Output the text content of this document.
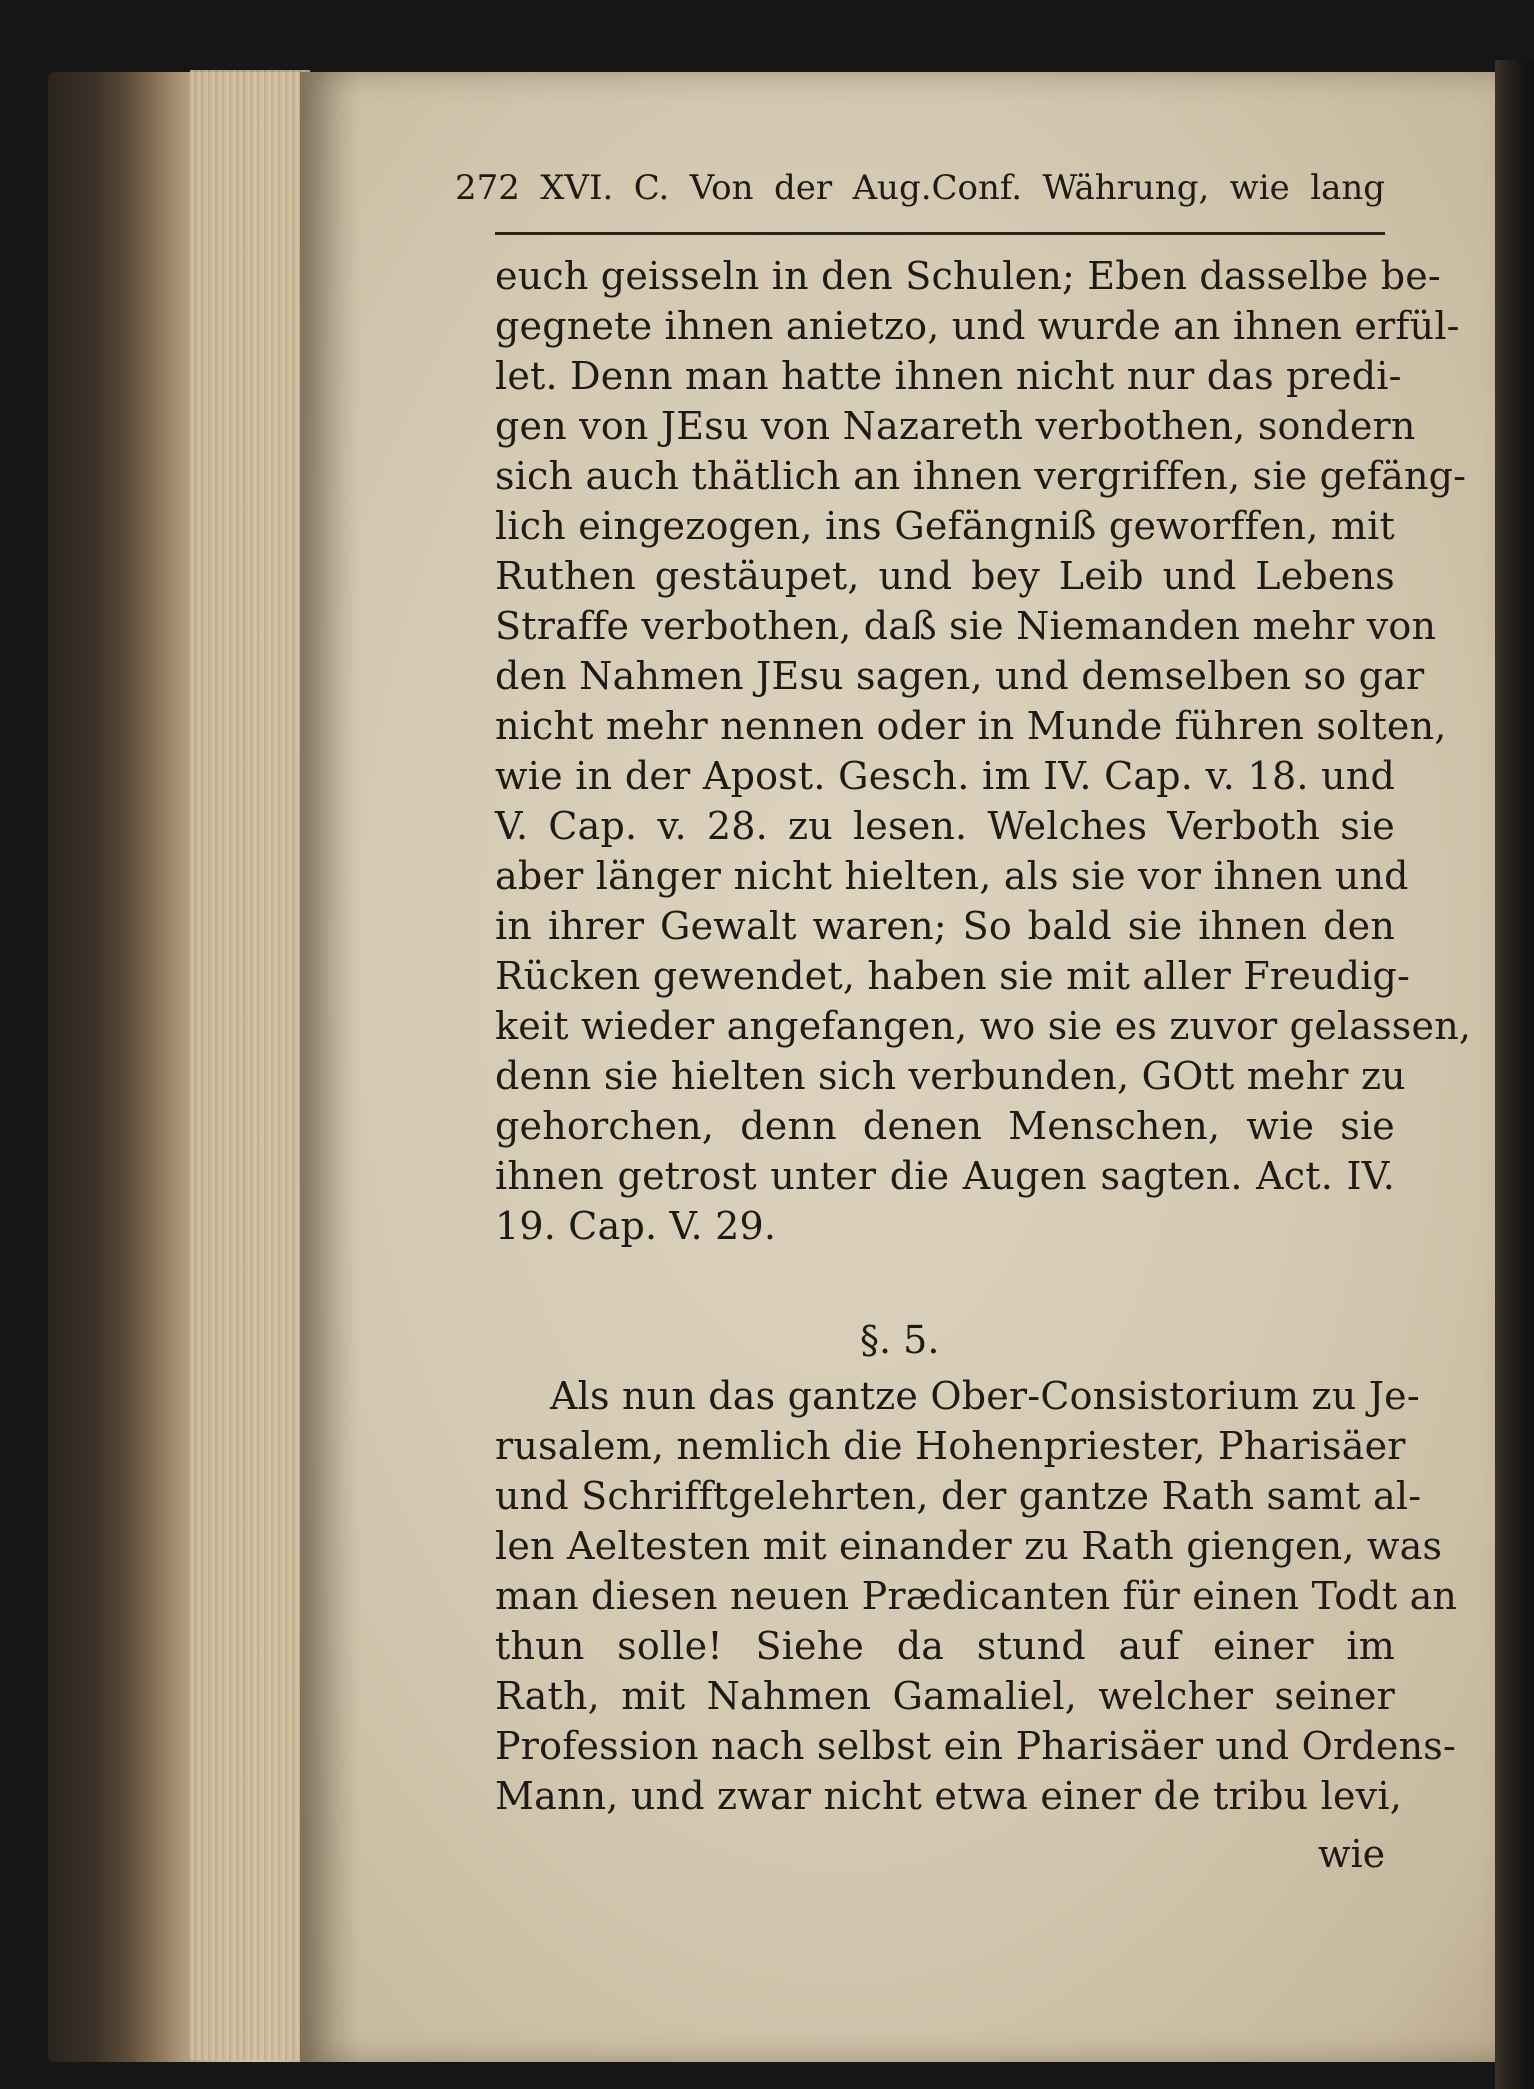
272 XVI. C. Von der Aug.Conf. Währung, wie lang
euch geisseln in den Schulen; Eben dasselbe be-
gegnete ihnen anietzo, und wurde an ihnen erfül-
let. Denn man hatte ihnen nicht nur das predi-
gen von JEsu von Nazareth verbothen, sondern
sich auch thätlich an ihnen vergriffen, sie gefäng-
lich eingezogen, ins Gefängniß geworffen, mit
Ruthen gestäupet, und bey Leib und Lebens
Straffe verbothen, daß sie Niemanden mehr von
den Nahmen JEsu sagen, und demselben so gar
nicht mehr nennen oder in Munde führen solten,
wie in der Apost. Gesch. im IV. Cap. v. 18. und
V. Cap. v. 28. zu lesen. Welches Verboth sie
aber länger nicht hielten, als sie vor ihnen und
in ihrer Gewalt waren; So bald sie ihnen den
Rücken gewendet, haben sie mit aller Freudig-
keit wieder angefangen, wo sie es zuvor gelassen,
denn sie hielten sich verbunden, GOtt mehr zu
gehorchen, denn denen Menschen, wie sie
ihnen getrost unter die Augen sagten. Act. IV.
19. Cap. V. 29.
§. 5.
Als nun das gantze Ober-Consistorium zu Je-
rusalem, nemlich die Hohenpriester, Pharisäer
und Schrifftgelehrten, der gantze Rath samt al-
len Aeltesten mit einander zu Rath giengen, was
man diesen neuen Prædicanten für einen Todt an
thun solle! Siehe da stund auf einer im
Rath, mit Nahmen Gamaliel, welcher seiner
Profession nach selbst ein Pharisäer und Ordens-
Mann, und zwar nicht etwa einer de tribu levi,
wie
